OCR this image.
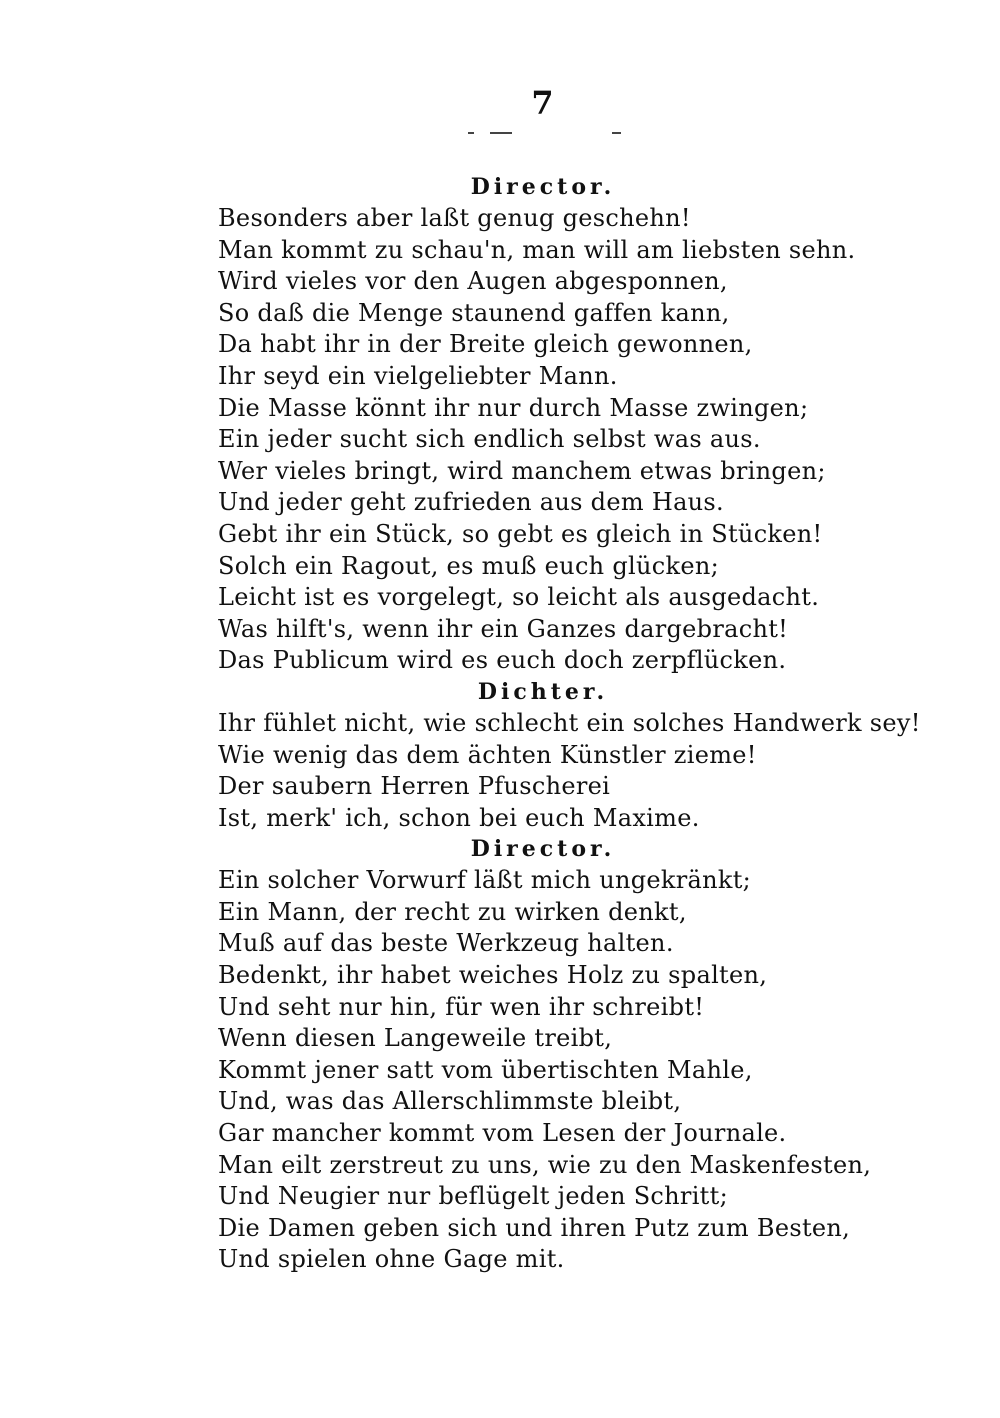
7
Director.
Besonders aber laßt genug geschehn!
Man kommt zu schau'n, man will am liebsten sehn.
Wird vieles vor den Augen abgesponnen,
So daß die Menge staunend gaffen kann,
Da habt ihr in der Breite gleich gewonnen,
Ihr seyd ein vielgeliebter Mann.
Die Masse könnt ihr nur durch Masse zwingen;
Ein jeder sucht sich endlich selbst was aus.
Wer vieles bringt, wird manchem etwas bringen;
Und jeder geht zufrieden aus dem Haus.
Gebt ihr ein Stück, so gebt es gleich in Stücken!
Solch ein Ragout, es muß euch glücken;
Leicht ist es vorgelegt, so leicht als ausgedacht.
Was hilft's, wenn ihr ein Ganzes dargebracht!
Das Publicum wird es euch doch zerpflücken.
Dichter.
Ihr fühlet nicht, wie schlecht ein solches Handwerk sey!
Wie wenig das dem ächten Künstler zieme!
Der saubern Herren Pfuscherei
Ist, merk' ich, schon bei euch Maxime.
Director.
Ein solcher Vorwurf läßt mich ungekränkt;
Ein Mann, der recht zu wirken denkt,
Muß auf das beste Werkzeug halten.
Bedenkt, ihr habet weiches Holz zu spalten,
Und seht nur hin, für wen ihr schreibt!
Wenn diesen Langeweile treibt,
Kommt jener satt vom übertischten Mahle,
Und, was das Allerschlimmste bleibt,
Gar mancher kommt vom Lesen der Journale.
Man eilt zerstreut zu uns, wie zu den Maskenfesten,
Und Neugier nur beflügelt jeden Schritt;
Die Damen geben sich und ihren Putz zum Besten,
Und spielen ohne Gage mit.
